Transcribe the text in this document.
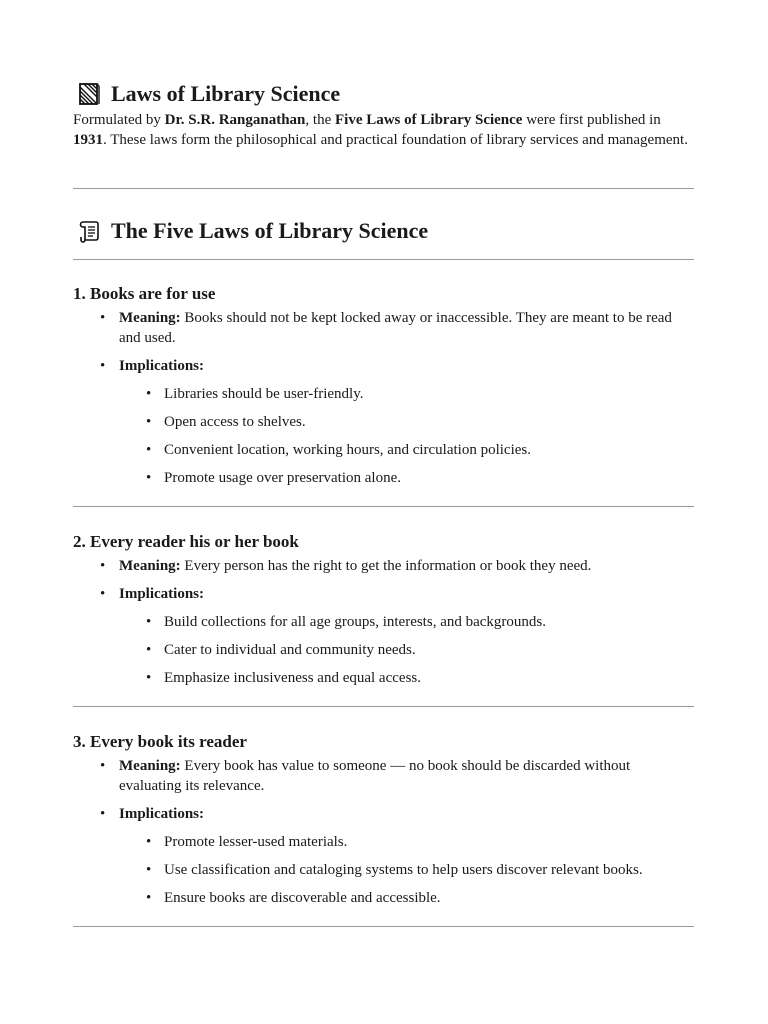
Laws of Library Science
Formulated by Dr. S.R. Ranganathan, the Five Laws of Library Science were first published in 1931. These laws form the philosophical and practical foundation of library services and management.
The Five Laws of Library Science
1. Books are for use
• Meaning: Books should not be kept locked away or inaccessible. They are meant to be read and used.
• Implications:
• Libraries should be user-friendly.
• Open access to shelves.
• Convenient location, working hours, and circulation policies.
• Promote usage over preservation alone.
2. Every reader his or her book
• Meaning: Every person has the right to get the information or book they need.
• Implications:
• Build collections for all age groups, interests, and backgrounds.
• Cater to individual and community needs.
• Emphasize inclusiveness and equal access.
3. Every book its reader
• Meaning: Every book has value to someone — no book should be discarded without evaluating its relevance.
• Implications:
• Promote lesser-used materials.
• Use classification and cataloging systems to help users discover relevant books.
• Ensure books are discoverable and accessible.
